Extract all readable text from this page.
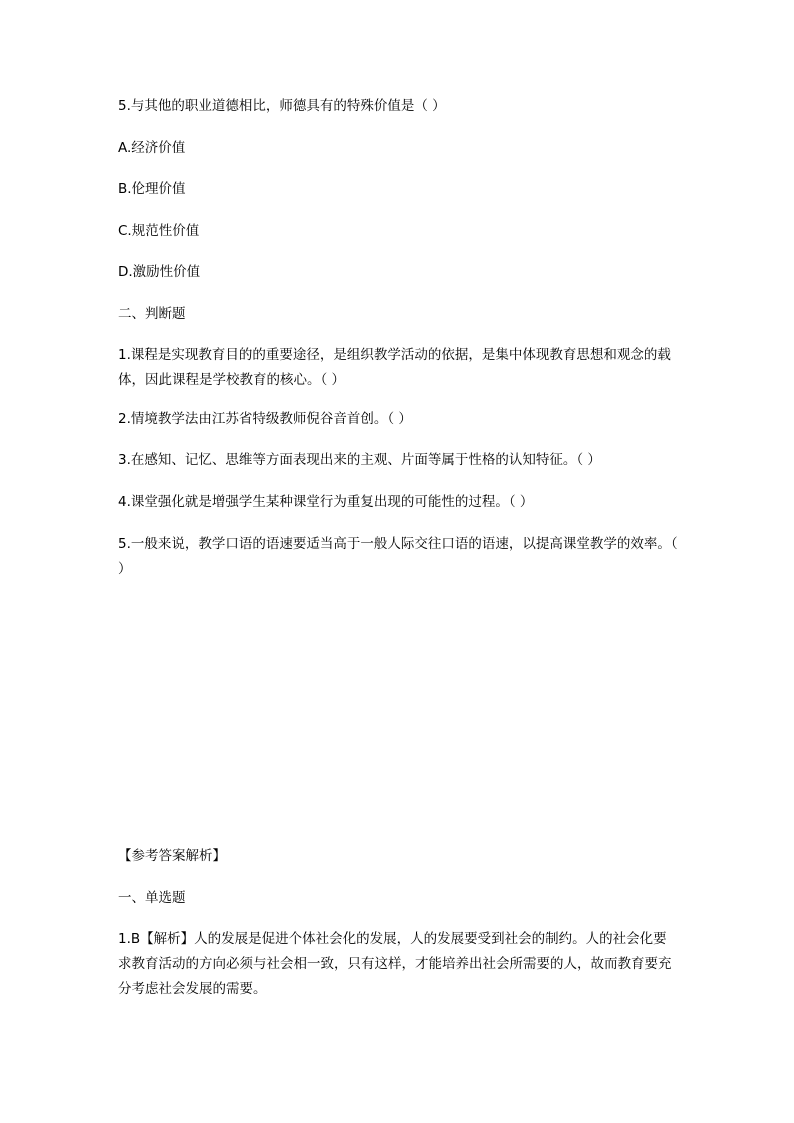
5.与其他的职业道德相比，师德具有的特殊价值是（ ）

A.经济价值

B.伦理价值

C.规范性价值

D.激励性价值

二、判断题

1.课程是实现教育目的的重要途径，是组织教学活动的依据，是集中体现教育思想和观念的载体，因此课程是学校教育的核心。（ ）

2.情境教学法由江苏省特级教师倪谷音首创。（ ）

3.在感知、记忆、思维等方面表现出来的主观、片面等属于性格的认知特征。（ ）

4.课堂强化就是增强学生某种课堂行为重复出现的可能性的过程。（ ）

5.一般来说，教学口语的语速要适当高于一般人际交往口语的语速，以提高课堂教学的效率。（ ）

【参考答案解析】

一、单选题

1.B【解析】人的发展是促进个体社会化的发展，人的发展要受到社会的制约。人的社会化要求教育活动的方向必须与社会相一致，只有这样，才能培养出社会所需要的人，故而教育要充分考虑社会发展的需要。
